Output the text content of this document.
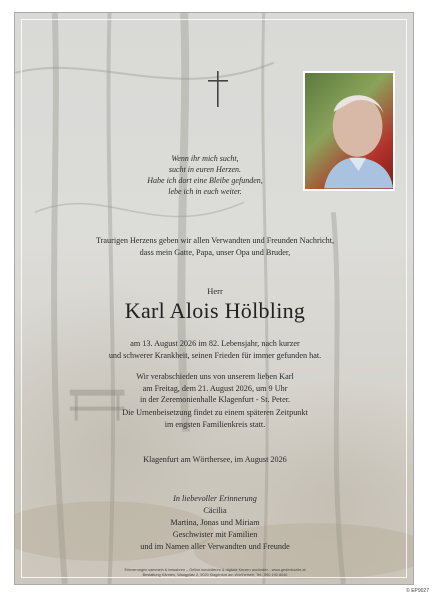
Wenn ihr mich sucht,
sucht in euren Herzen.
Habe ich dort eine Bleibe gefunden,
lebe ich in euch weiter.
Traurigen Herzens geben wir allen Verwandten und Freunden Nachricht,
dass mein Gatte, Papa, unser Opa und Bruder,
Herr
Karl Alois Hölbling
am 13. August 2026 im 82. Lebensjahr, nach kurzer
und schwerer Krankheit, seinen Frieden für immer gefunden hat.
Wir verabschieden uns von unserem lieben Karl
am Freitag, dem 21. August 2026, um 9 Uhr
in der Zeremonienhalle Klagenfurt - St. Peter.
Die Urnenbeisetzung findet zu einem späteren Zeitpunkt
im engsten Familienkreis statt.
Klagenfurt am Wörthersee, im August 2026
In liebevoller Erinnerung
Cäcilia
Martina, Jonas und Miriam
Geschwister mit Familien
und im Namen aller Verwandten und Freunde
Erinnerungen sammeln & bewahren – Online kondolieren & digitale Kerzen anzünden - www.gedenkseite.at
Bestattung Kärnten, Waagplatz 2, 9020 Klagenfurt am Wörthersee, Tel.: 050 190 8040
© EP9027
